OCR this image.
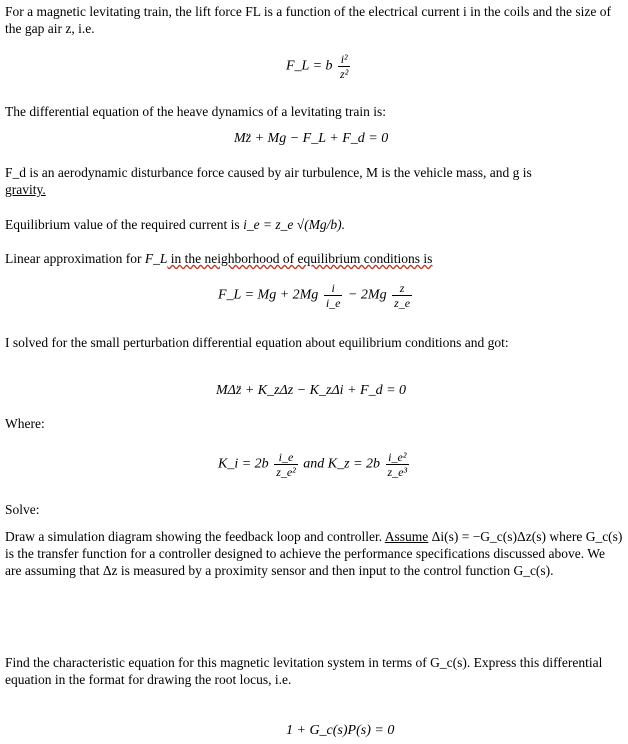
For a magnetic levitating train, the lift force FL is a function of the electrical current i in the coils and the size of the gap air z, i.e.
F_L = b $\frac{\text{i²}}{\text{z²}}$
The differential equation of the heave dynamics of a levitating train is:
Mz̈ + Mg − F_L + F_d = 0
F_d is an aerodynamic disturbance force caused by air turbulence, M is the vehicle mass, and g is
gravity.
Equilibrium value of the required current is i_e = z_e √(Mg/b).
Linear approximation for F_L in the neighborhood of equilibrium conditions is
F_L = $Mg + 2Mg \frac{i}{i\_e} - 2Mg \frac{z}{z\_e}$
I solved for the small perturbation differential equation about equilibrium conditions and got:
MΔz̈ + K_zΔz − K_zΔi + F_d = 0
Where:
K_i = $2b \frac{i\_e}{\text{z\_e²}}$ and K_z = $2b \frac{\text{i\_e²}}{\text{z\_e³}}$
Solve:
Draw a simulation diagram showing the feedback loop and controller. Assume Δi(s) = −G_c(s)Δz(s) where G_c(s) is the transfer function for a controller designed to achieve the performance specifications discussed above. We are assuming that Δz is measured by a proximity sensor and then input to the control function G_c(s).
Find the characteristic equation for this magnetic levitation system in terms of G_c(s). Express this differential equation in the format for drawing the root locus, i.e.
1 + G_c(s)P(s) = 0
